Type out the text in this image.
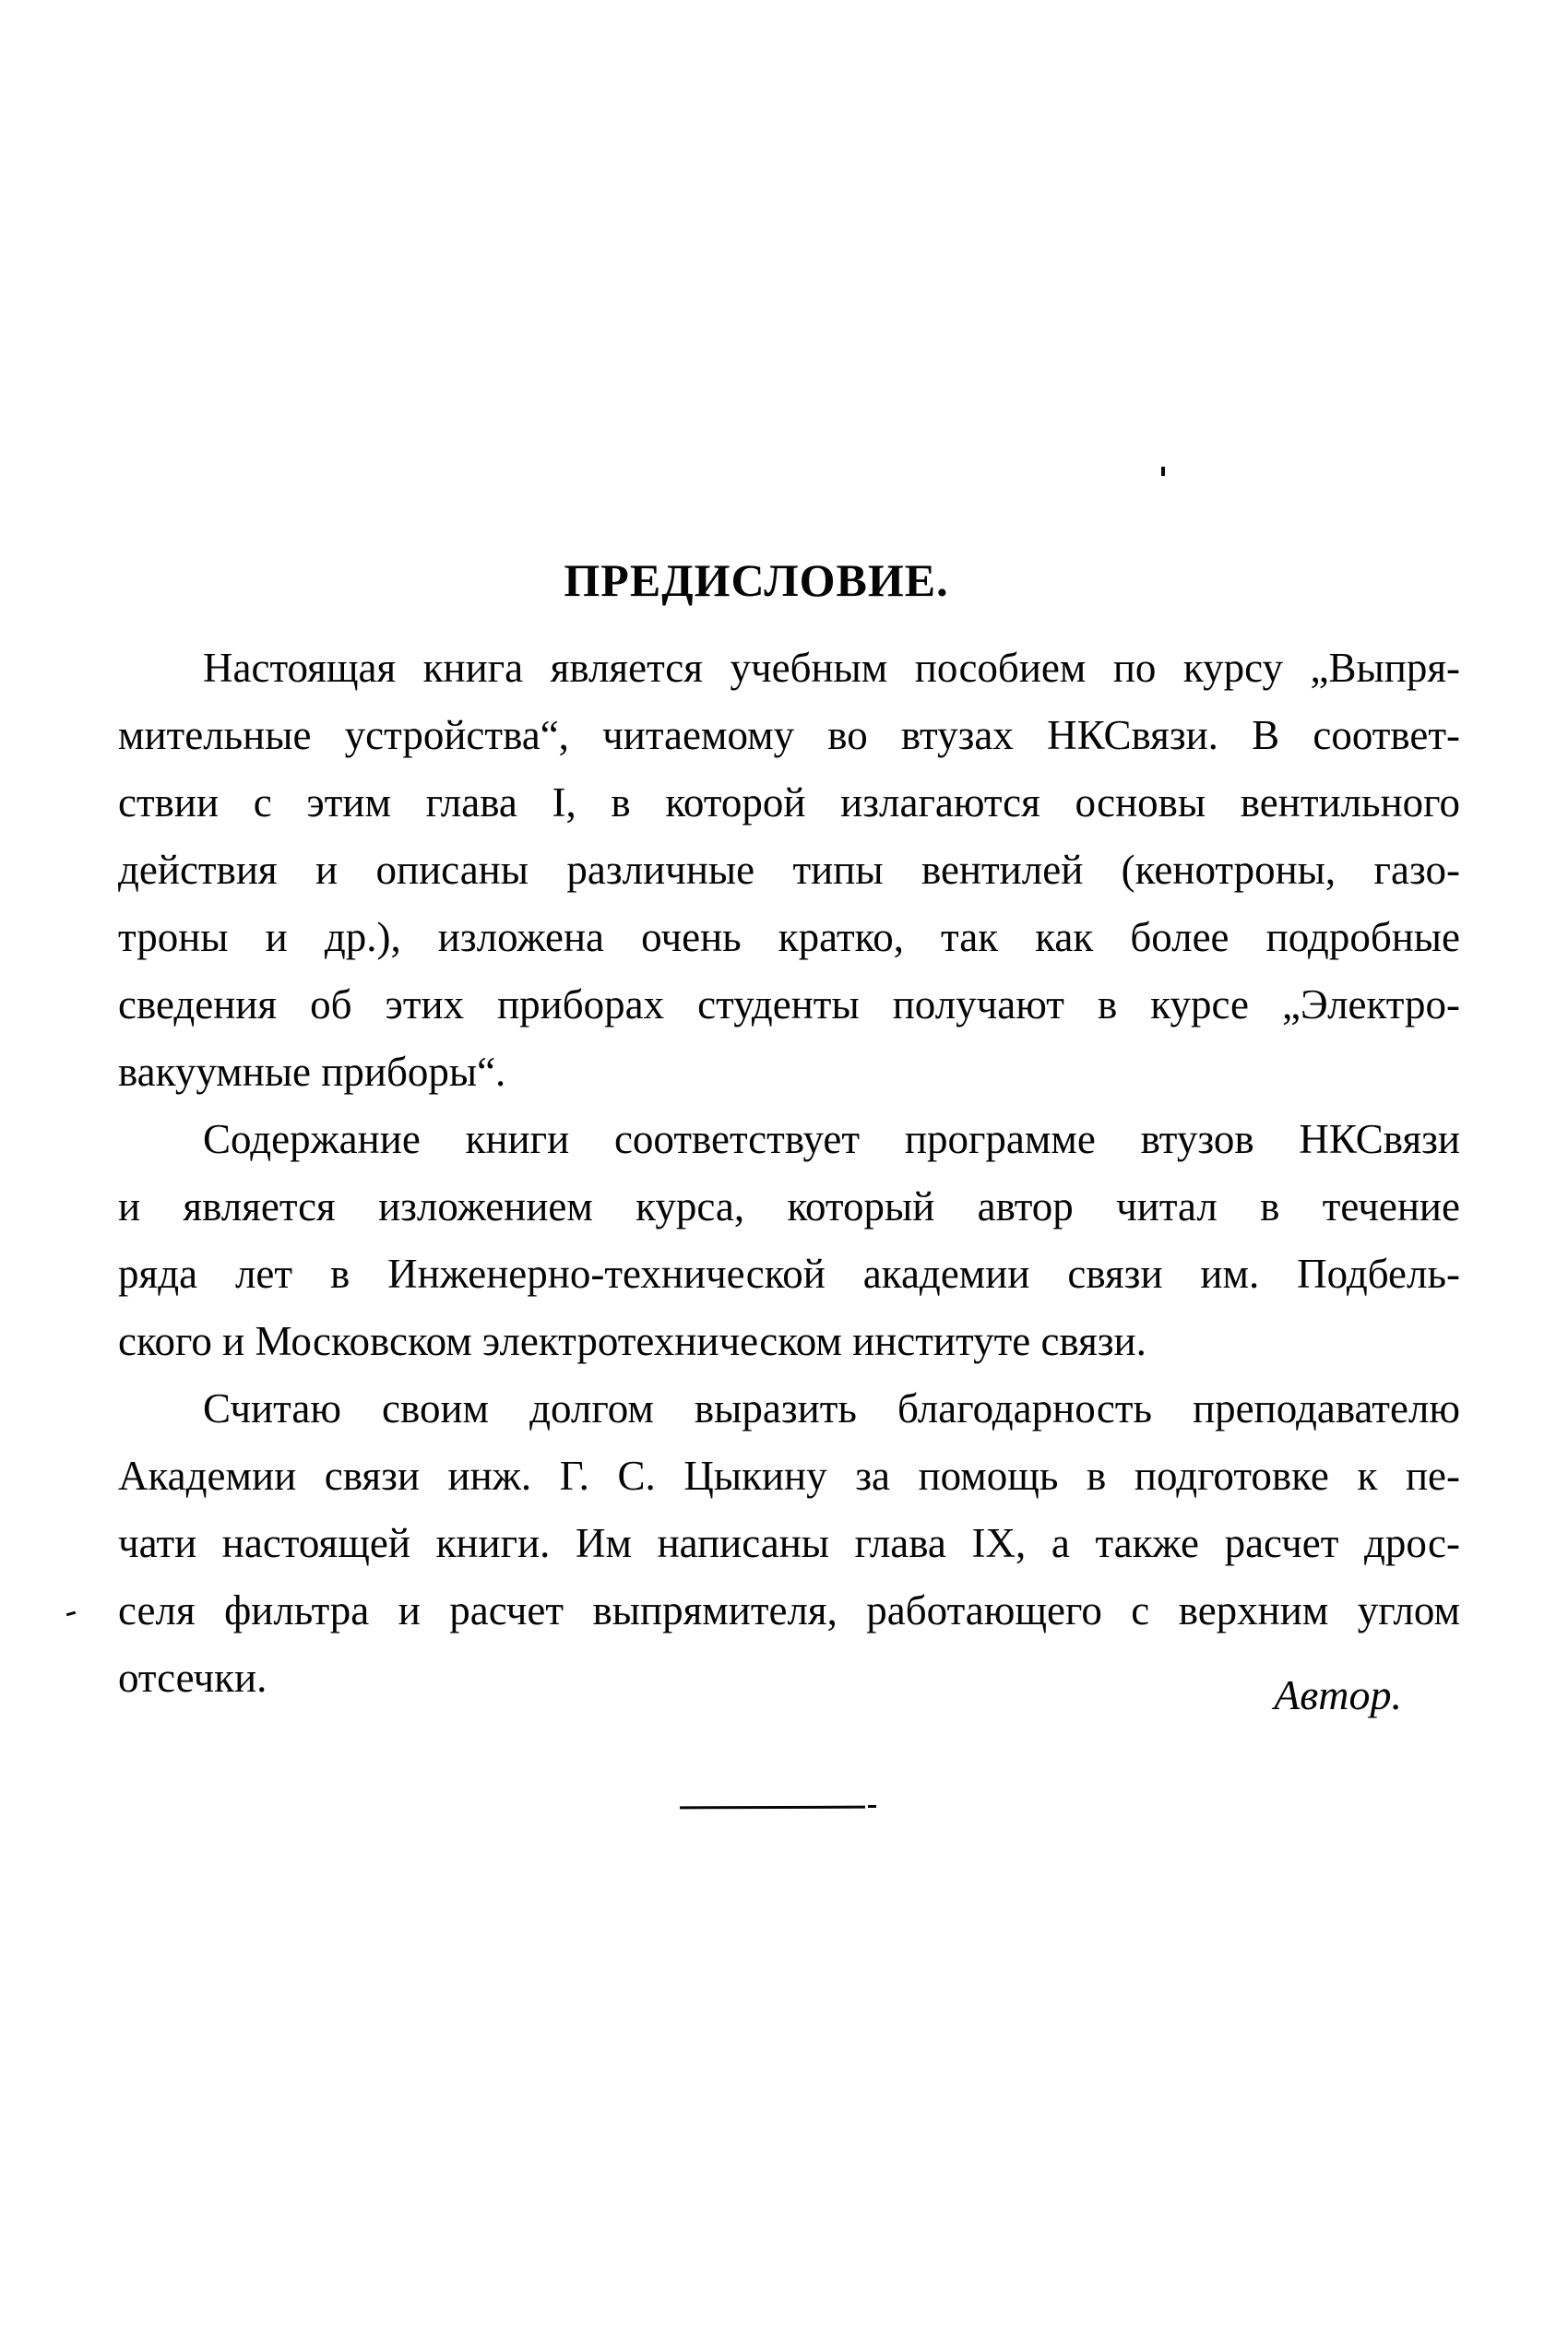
ПРЕДИСЛОВИЕ.
Настоящая книга является учебным пособием по курсу „Выпря-
мительные устройства“, читаемому во втузах НКСвязи. В соответ-
ствии с этим глава I, в которой излагаются основы вентильного
действия и описаны различные типы вентилей (кенотроны, газо-
троны и др.), изложена очень кратко, так как более подробные
сведения об этих приборах студенты получают в курсе „Электро-
вакуумные приборы“.
Содержание книги соответствует программе втузов НКСвязи
и является изложением курса, который автор читал в течение
ряда лет в Инженерно-технической академии связи им. Подбель-
ского и Московском электротехническом институте связи.
Считаю своим долгом выразить благодарность преподавателю
Академии связи инж. Г. С. Цыкину за помощь в подготовке к пе-
чати настоящей книги. Им написаны глава IX, а также расчет дрос-
селя фильтра и расчет выпрямителя, работающего с верхним углом
отсечки.	Автор.
